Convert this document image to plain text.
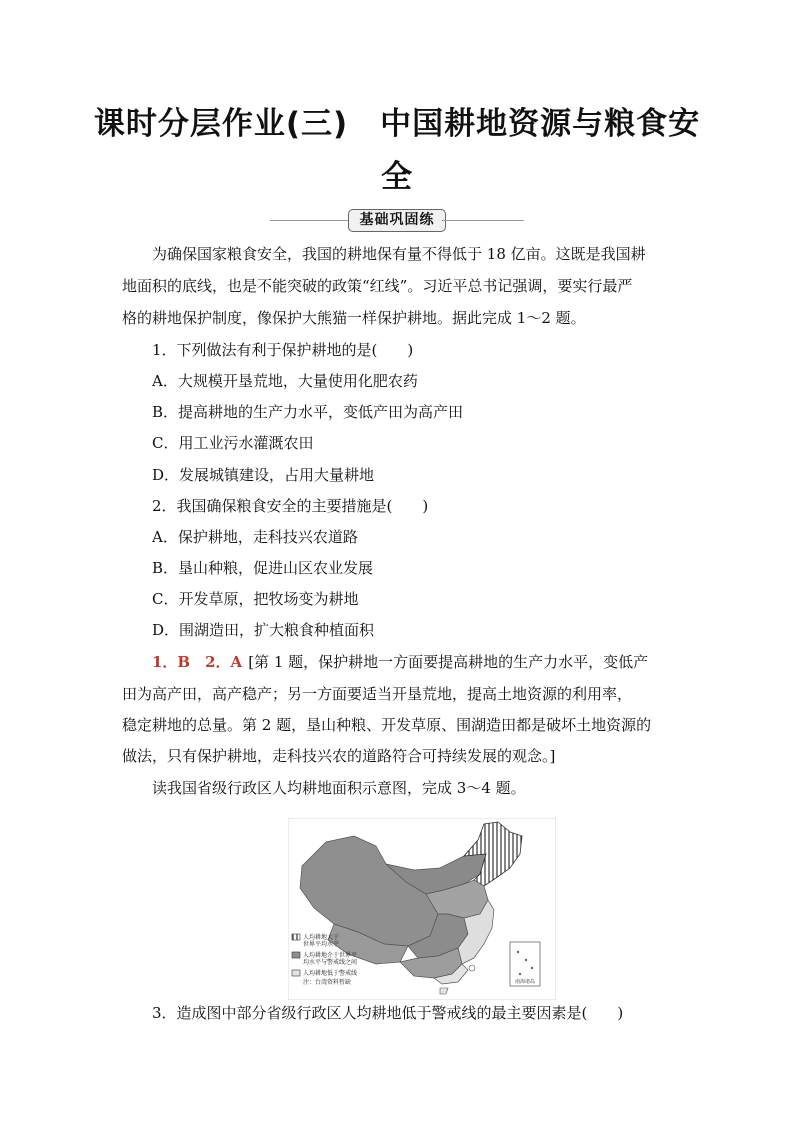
课时分层作业(三)　中国耕地资源与粮食安
全
基础巩固练
为确保国家粮食安全，我国的耕地保有量不得低于 18 亿亩。这既是我国耕
地面积的底线，也是不能突破的政策“红线”。习近平总书记强调，要实行最严
格的耕地保护制度，像保护大熊猫一样保护耕地。据此完成 1～2 题。
1．下列做法有利于保护耕地的是(　　)
A．大规模开垦荒地，大量使用化肥农药
B．提高耕地的生产力水平，变低产田为高产田
C．用工业污水灌溉农田
D．发展城镇建设，占用大量耕地
2．我国确保粮食安全的主要措施是(　　)
A．保护耕地，走科技兴农道路
B．垦山种粮，促进山区农业发展
C．开发草原，把牧场变为耕地
D．围湖造田，扩大粮食种植面积
1．B 2．A [第 1 题，保护耕地一方面要提高耕地的生产力水平，变低产
田为高产田，高产稳产；另一方面要适当开垦荒地，提高土地资源的利用率，
稳定耕地的总量。第 2 题，垦山种粮、开发草原、围湖造田都是破坏土地资源的
做法，只有保护耕地，走科技兴农的道路符合可持续发展的观念。]
读我国省级行政区人均耕地面积示意图，完成 3～4 题。
南海诸岛
人均耕地大于
世界平均水平
人均耕地介于世界平
均水平与警戒线之间
人均耕地低于警戒线
注：台湾资料暂缺
3．造成图中部分省级行政区人均耕地低于警戒线的最主要因素是(　　)
